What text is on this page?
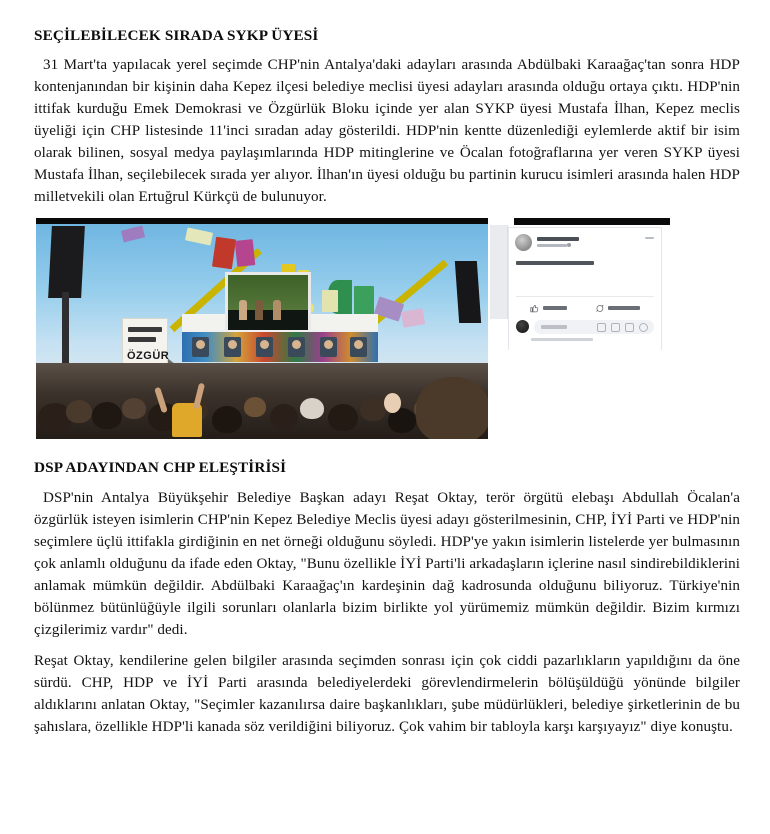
SEÇİLEBİLECEK SIRADA SYKP ÜYESİ

31 Mart'ta yapılacak yerel seçimde CHP'nin Antalya'daki adayları arasında Abdülbaki Karaağaç'tan sonra HDP kontenjanından bir kişinin daha Kepez ilçesi belediye meclisi üyesi adayları arasında olduğu ortaya çıktı. HDP'nin ittifak kurduğu Emek Demokrasi ve Özgürlük Bloku içinde yer alan SYKP üyesi Mustafa İlhan, Kepez meclis üyeliği için CHP listesinde 11'inci sıradan aday gösterildi. HDP'nin kentte düzenlediği eylemlerde aktif bir isim olarak bilinen, sosyal medya paylaşımlarında HDP mitinglerine ve Öcalan fotoğraflarına yer veren SYKP üyesi Mustafa İlhan, seçilebilecek sırada yer alıyor. İlhan'ın üyesi olduğu bu partinin kurucu isimleri arasında halen HDP milletvekili olan Ertuğrul Kürkçü de bulunuyor.

ÖZGÜR
DSP ADAYINDAN CHP ELEŞTİRİSİ

DSP'nin Antalya Büyükşehir Belediye Başkan adayı Reşat Oktay, terör örgütü elebaşı Abdullah Öcalan'a özgürlük isteyen isimlerin CHP'nin Kepez Belediye Meclis üyesi adayı gösterilmesinin, CHP, İYİ Parti ve HDP'nin seçimlere üçlü ittifakla girdiğinin en net örneği olduğunu söyledi. HDP'ye yakın isimlerin listelerde yer bulmasının çok anlamlı olduğunu da ifade eden Oktay, "Bunu özellikle İYİ Parti'li arkadaşların içlerine nasıl sindirebildiklerini anlamak mümkün değildir. Abdülbaki Karaağaç'ın kardeşinin dağ kadrosunda olduğunu biliyoruz. Türkiye'nin bölünmez bütünlüğüyle ilgili sorunları olanlarla bizim birlikte yol yürümemiz mümkün değildir. Bizim kırmızı çizgilerimiz vardır" dedi.

Reşat Oktay, kendilerine gelen bilgiler arasında seçimden sonrası için çok ciddi pazarlıkların yapıldığını da öne sürdü. CHP, HDP ve İYİ Parti arasında belediyelerdeki görevlendirmelerin bölüşüldüğü yönünde bilgiler aldıklarını anlatan Oktay, "Seçimler kazanılırsa daire başkanlıkları, şube müdürlükleri, belediye şirketlerinin de bu şahıslara, özellikle HDP'li kanada söz verildiğini biliyoruz. Çok vahim bir tabloyla karşı karşıyayız" diye konuştu.
